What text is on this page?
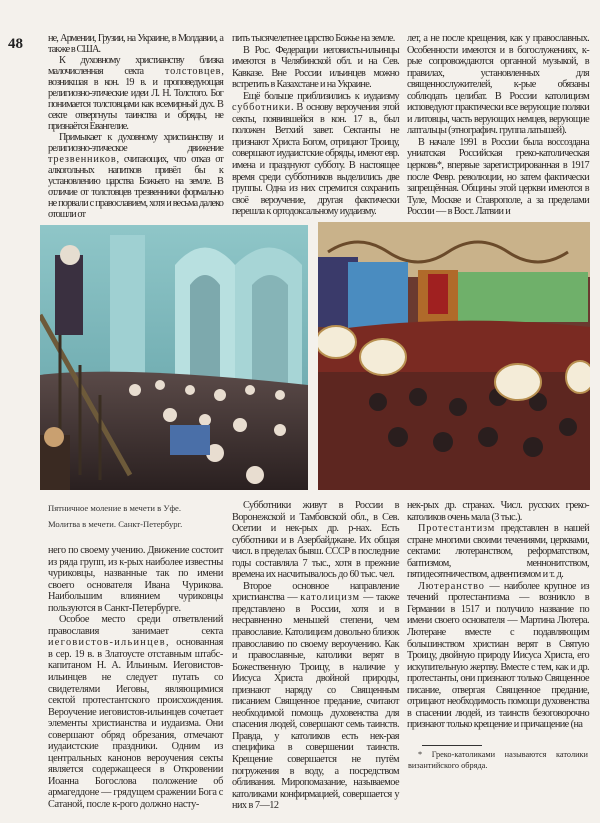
48 не, Армении, Грузии, на Украине, в Молдавии, а также в США.

К духовному христианству близка малочисленная секта толстовцев, возникшая в кон. 19 в. и проповедующая религиозно-этические идеи Л. Н. Толстого. Бог понимается толстовцами как всемирный дух. В секте отвергнуты таинства и обряды, не признаётся Евангелие.

Примыкает к духовному христианству и религиозно-этическое движение трезвенников, считающих, что отказ от алкогольных напитков привёл бы к установлению царства Божьего на земле. В отличие от толстовцев трезвенники формально не порвали с православием, хотя и весьма далеко отошли от

пить тысячелетнее царство Божье на земле.

В Рос. Федерации иеговисты-ильинцы имеются в Челябинской обл. и на Сев. Кавказе. Вне России ильинцев можно встретить в Казахстане и на Украине.

Ещё больше приблизились к иудаизму субботники. В основу вероучения этой секты, появившейся в кон. 17 в., был положен Ветхий завет. Сектанты не признают Христа Богом, отрицают Троицу, совершают иудаистские обряды, имеют евр. имена и празднуют субботу. В настоящее время среди субботников выделились две группы. Одна из них стремится сохранить своё вероучение, другая фактически перешла к ортодоксальному иудаизму.

лет, а не после крещения, как у православных. Особенности имеются и в богослужениях, к-рые сопровождаются органной музыкой, в правилах, установленных для священнослужителей, к-рые обязаны соблюдать целибат. В России католицизм исповедуют практически все верующие поляки и литовцы, часть верующих немцев, верующие латгальцы (этнографич. группа латышей).

В начале 1991 в России была воссоздана униатская Российская греко-католическая церковь*, впервые зарегистрированная в 1917 после Февр. революции, но затем фактически запрещённая. Общины этой церкви имеются в Туле, Москве и Ставрополе, а за пределами России — в Вост. Латвии и

Пятничное моление в мечети в Уфе.
Молитва в мечети. Санкт-Петербург.

него по своему учению. Движение состоит из ряда групп, из к-рых наиболее известны чуриковцы, названные так по имени своего основателя Ивана Чурикова. Наибольшим влиянием чуриковцы пользуются в Санкт-Петербурге.

Особое место среди ответвлений православия занимает секта иеговистов-ильинцев, основанная в сер. 19 в. в Златоусте отставным штабс-капитаном Н. А. Ильиным. Иеговистов-ильинцев не следует путать со свидетелями Иеговы, являющимися сектой протестантского происхождения. Вероучение иеговистов-ильинцев сочетает элементы христианства и иудаизма. Они совершают обряд обрезания, отмечают иудаистские праздники. Одним из центральных канонов вероучения секты является содержащееся в Откровении Иоанна Богослова положение об армагеддоне — грядущем сражении Бога с Сатаной, после к-рого должно насту-

Субботники живут в России в Воронежской и Тамбовской обл., в Сев. Осетии и нек-рых др. р-нах. Есть субботники и в Азербайджане. Их общая числ. в пределах бывш. СССР в последние годы составляла 7 тыс., хотя в прежние времена их насчитывалось до 60 тыс. чел.

Второе основное направление христианства — католицизм — также представлено в России, хотя и в несравненно меньшей степени, чем православие. Католицизм довольно близок православию по своему вероучению. Как и православные, католики верят в Божественную Троицу, в наличие у Иисуса Христа двойной природы, признают наряду со Священным писанием Священное предание, считают необходимой помощь духовенства для спасения людей, совершают семь таинств. Правда, у католиков есть нек-рая специфика в совершении таинств. Крещение совершается не путём погружения в воду, а посредством обливания. Миропомазание, называемое католиками конфирмацией, совершается у них в 7—12

нек-рых др. странах. Числ. русских греко-католиков очень мала (3 тыс.).

Протестантизм представлен в нашей стране многими своими течениями, церквами, сектами: лютеранством, реформатством, баптизмом, меннонитством, пятидесятничеством, адвентизмом и т. д.

Лютеранство — наиболее крупное из течений протестантизма — возникло в Германии в 1517 и получило название по имени своего основателя — Мартина Лютера. Лютеране вместе с подавляющим большинством христиан верят в Святую Троицу, двойную природу Иисуса Христа, его искупительную жертву. Вместе с тем, как и др. протестанты, они признают только Священное писание, отвергая Священное предание, отрицают необходимость помощи духовенства в спасении людей, из таинств безоговорочно признают только крещение и причащение (на

* Греко-католиками называются католики византийского обряда.
